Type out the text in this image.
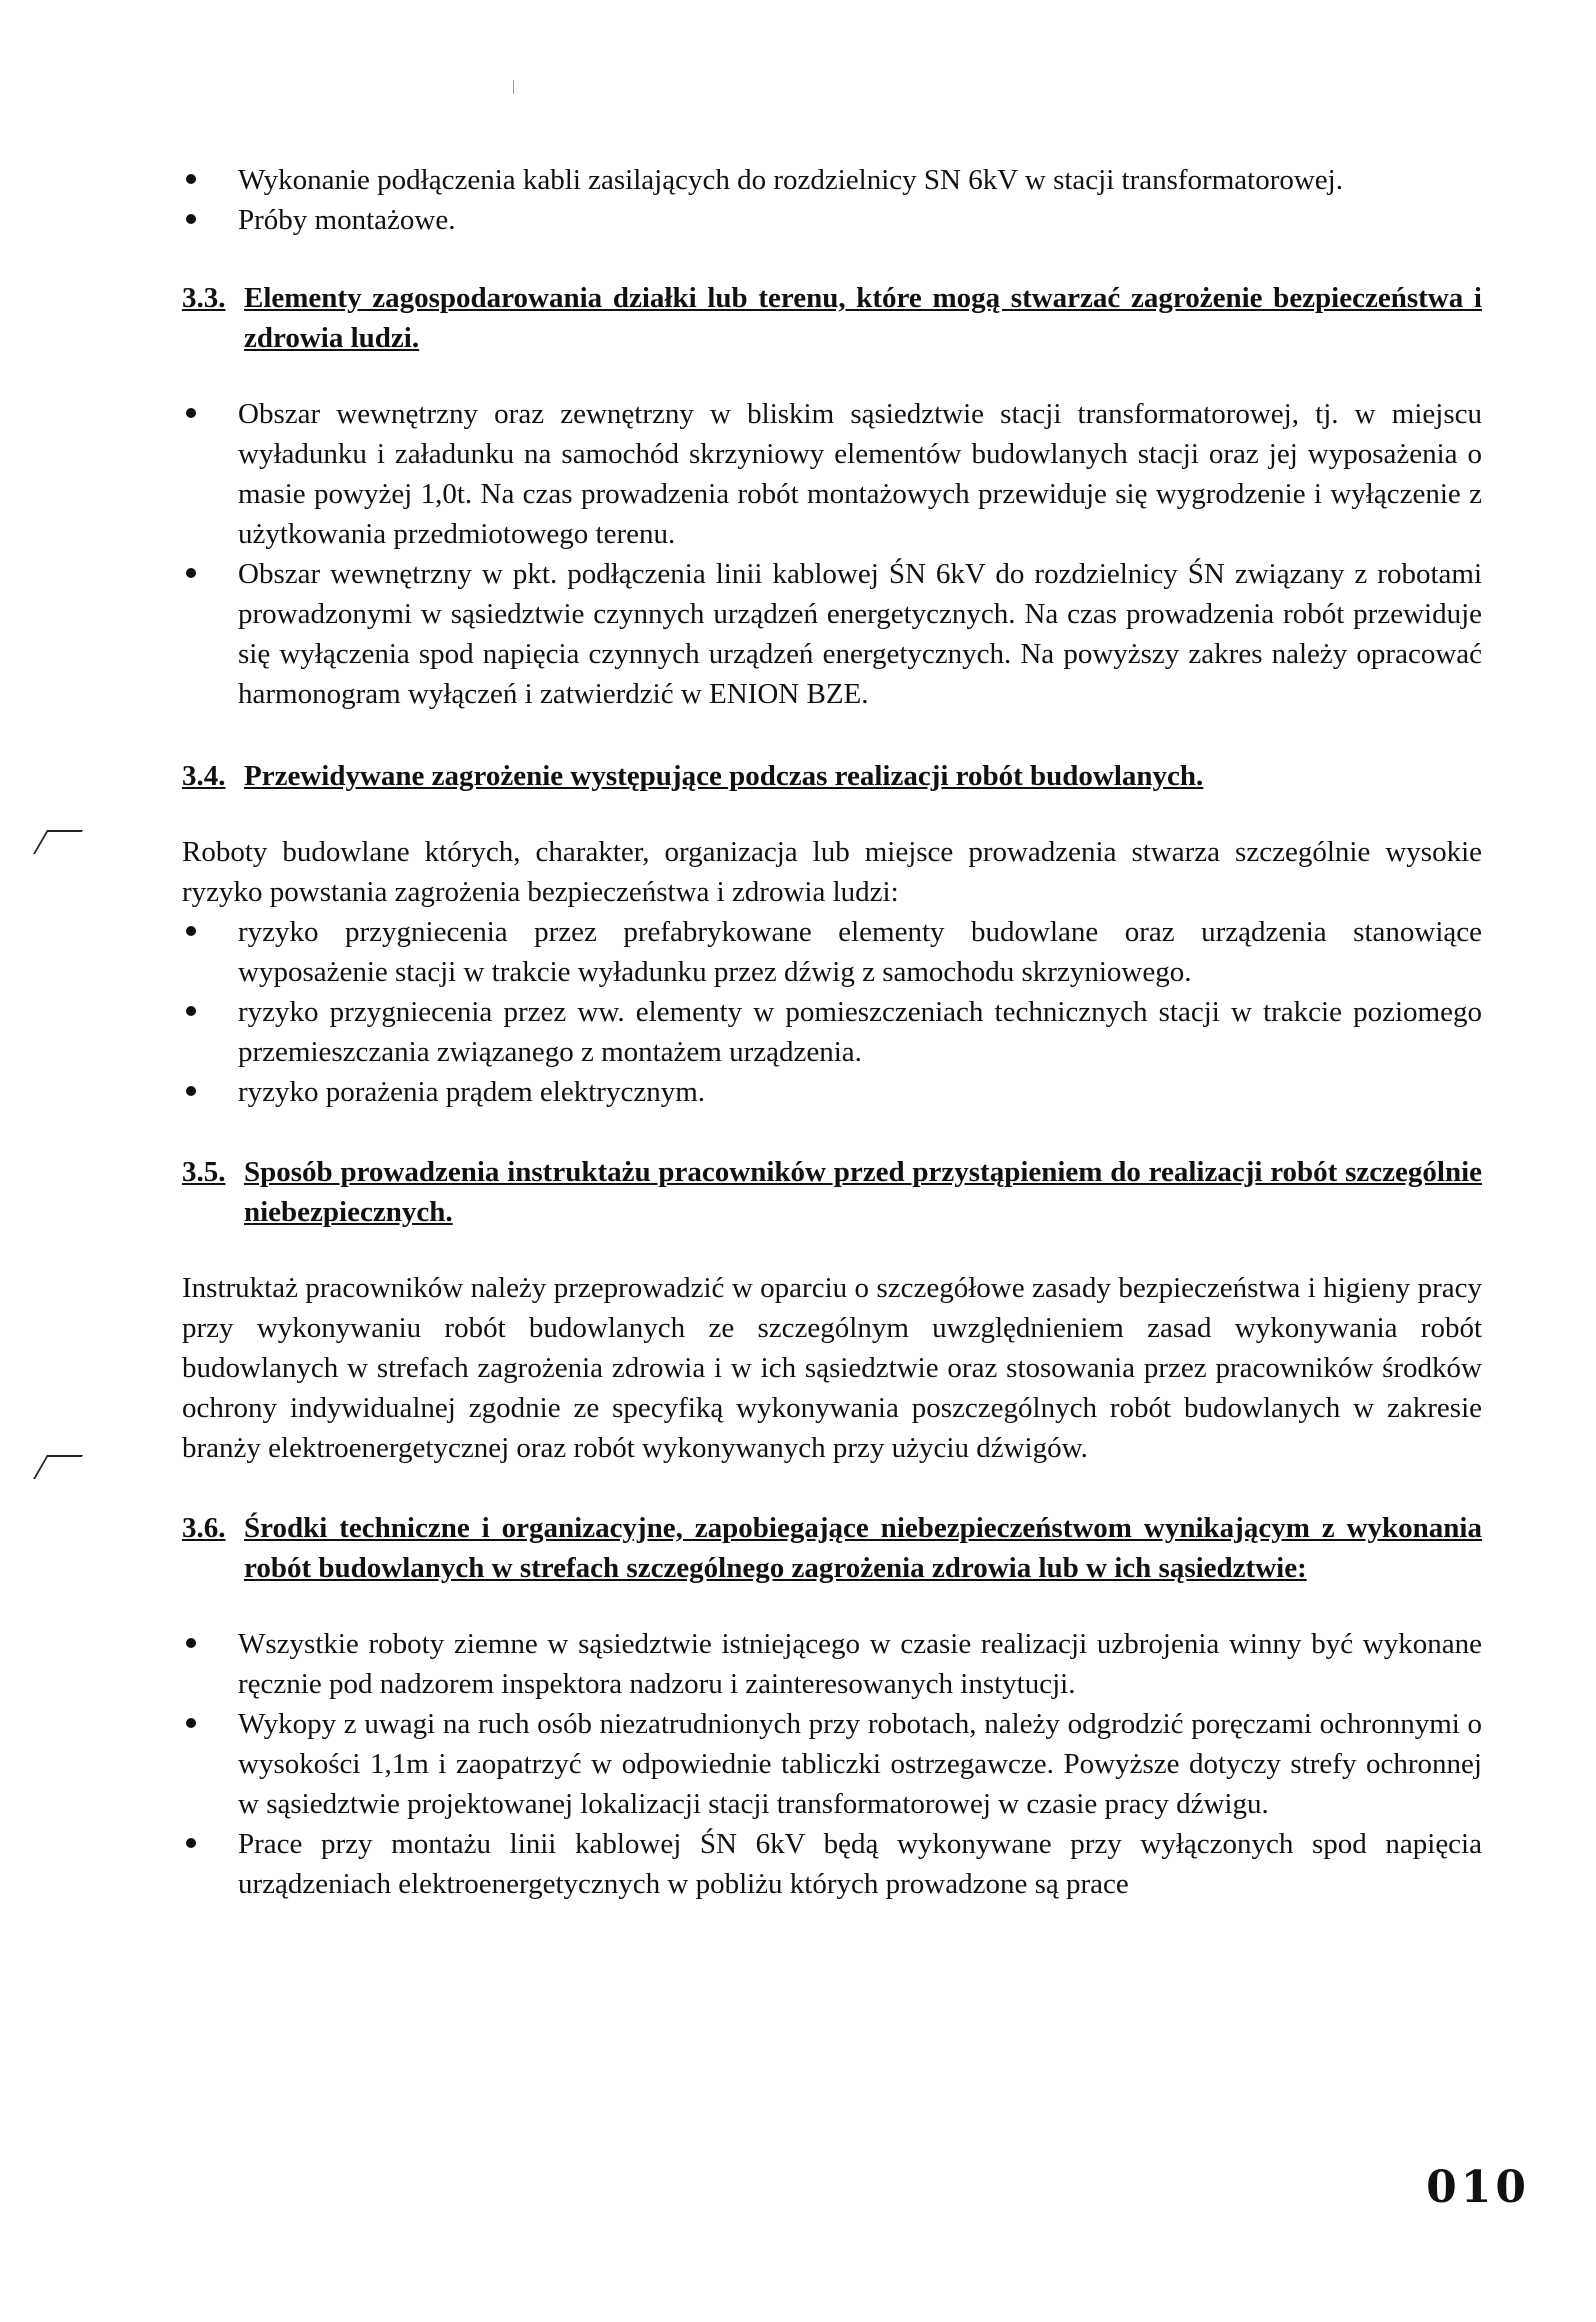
Wykonanie podłączenia kabli zasilających do rozdzielnicy SN 6kV w stacji transformatorowej.
Próby montażowe.
3.3. Elementy zagospodarowania działki lub terenu, które mogą stwarzać zagrożenie bezpieczeństwa i zdrowia ludzi.
Obszar wewnętrzny oraz zewnętrzny w bliskim sąsiedztwie stacji transformatorowej, tj. w miejscu wyładunku i załadunku na samochód skrzyniowy elementów budowlanych stacji oraz jej wyposażenia o masie powyżej 1,0t. Na czas prowadzenia robót montażowych przewiduje się wygrodzenie i wyłączenie z użytkowania przedmiotowego terenu.
Obszar wewnętrzny w pkt. podłączenia linii kablowej ŚN 6kV do rozdzielnicy ŚN związany z robotami prowadzonymi w sąsiedztwie czynnych urządzeń energetycznych. Na czas prowadzenia robót przewiduje się wyłączenia spod napięcia czynnych urządzeń energetycznych. Na powyższy zakres należy opracować harmonogram wyłączeń i zatwierdzić w ENION BZE.
3.4. Przewidywane zagrożenie występujące podczas realizacji robót budowlanych.

Roboty budowlane których, charakter, organizacja lub miejsce prowadzenia stwarza szczególnie wysokie ryzyko powstania zagrożenia bezpieczeństwa i zdrowia ludzi:

ryzyko przygniecenia przez prefabrykowane elementy budowlane oraz urządzenia stanowiące wyposażenie stacji w trakcie wyładunku przez dźwig z samochodu skrzyniowego.
ryzyko przygniecenia przez ww. elementy w pomieszczeniach technicznych stacji w trakcie poziomego przemieszczania związanego z montażem urządzenia.
ryzyko porażenia prądem elektrycznym.
3.5. Sposób prowadzenia instruktażu pracowników przed przystąpieniem do realizacji robót szczególnie niebezpiecznych.

Instruktaż pracowników należy przeprowadzić w oparciu o szczegółowe zasady bezpieczeństwa i higieny pracy przy wykonywaniu robót budowlanych ze szczególnym uwzględnieniem zasad wykonywania robót budowlanych w strefach zagrożenia zdrowia i w ich sąsiedztwie oraz stosowania przez pracowników środków ochrony indywidualnej zgodnie ze specyfiką wykonywania poszczególnych robót budowlanych w zakresie branży elektroenergetycznej oraz robót wykonywanych przy użyciu dźwigów.

3.6. Środki techniczne i organizacyjne, zapobiegające niebezpieczeństwom wynikającym z wykonania robót budowlanych w strefach szczególnego zagrożenia zdrowia lub w ich sąsiedztwie:
Wszystkie roboty ziemne w sąsiedztwie istniejącego w czasie realizacji uzbrojenia winny być wykonane ręcznie pod nadzorem inspektora nadzoru i zainteresowanych instytucji.
Wykopy z uwagi na ruch osób niezatrudnionych przy robotach, należy odgrodzić poręczami ochronnymi o wysokości 1,1m i zaopatrzyć w odpowiednie tabliczki ostrzegawcze. Powyższe dotyczy strefy ochronnej w sąsiedztwie projektowanej lokalizacji stacji transformatorowej w czasie pracy dźwigu.
Prace przy montażu linii kablowej ŚN 6kV będą wykonywane przy wyłączonych spod napięcia urządzeniach elektroenergetycznych w pobliżu których prowadzone są prace
010
